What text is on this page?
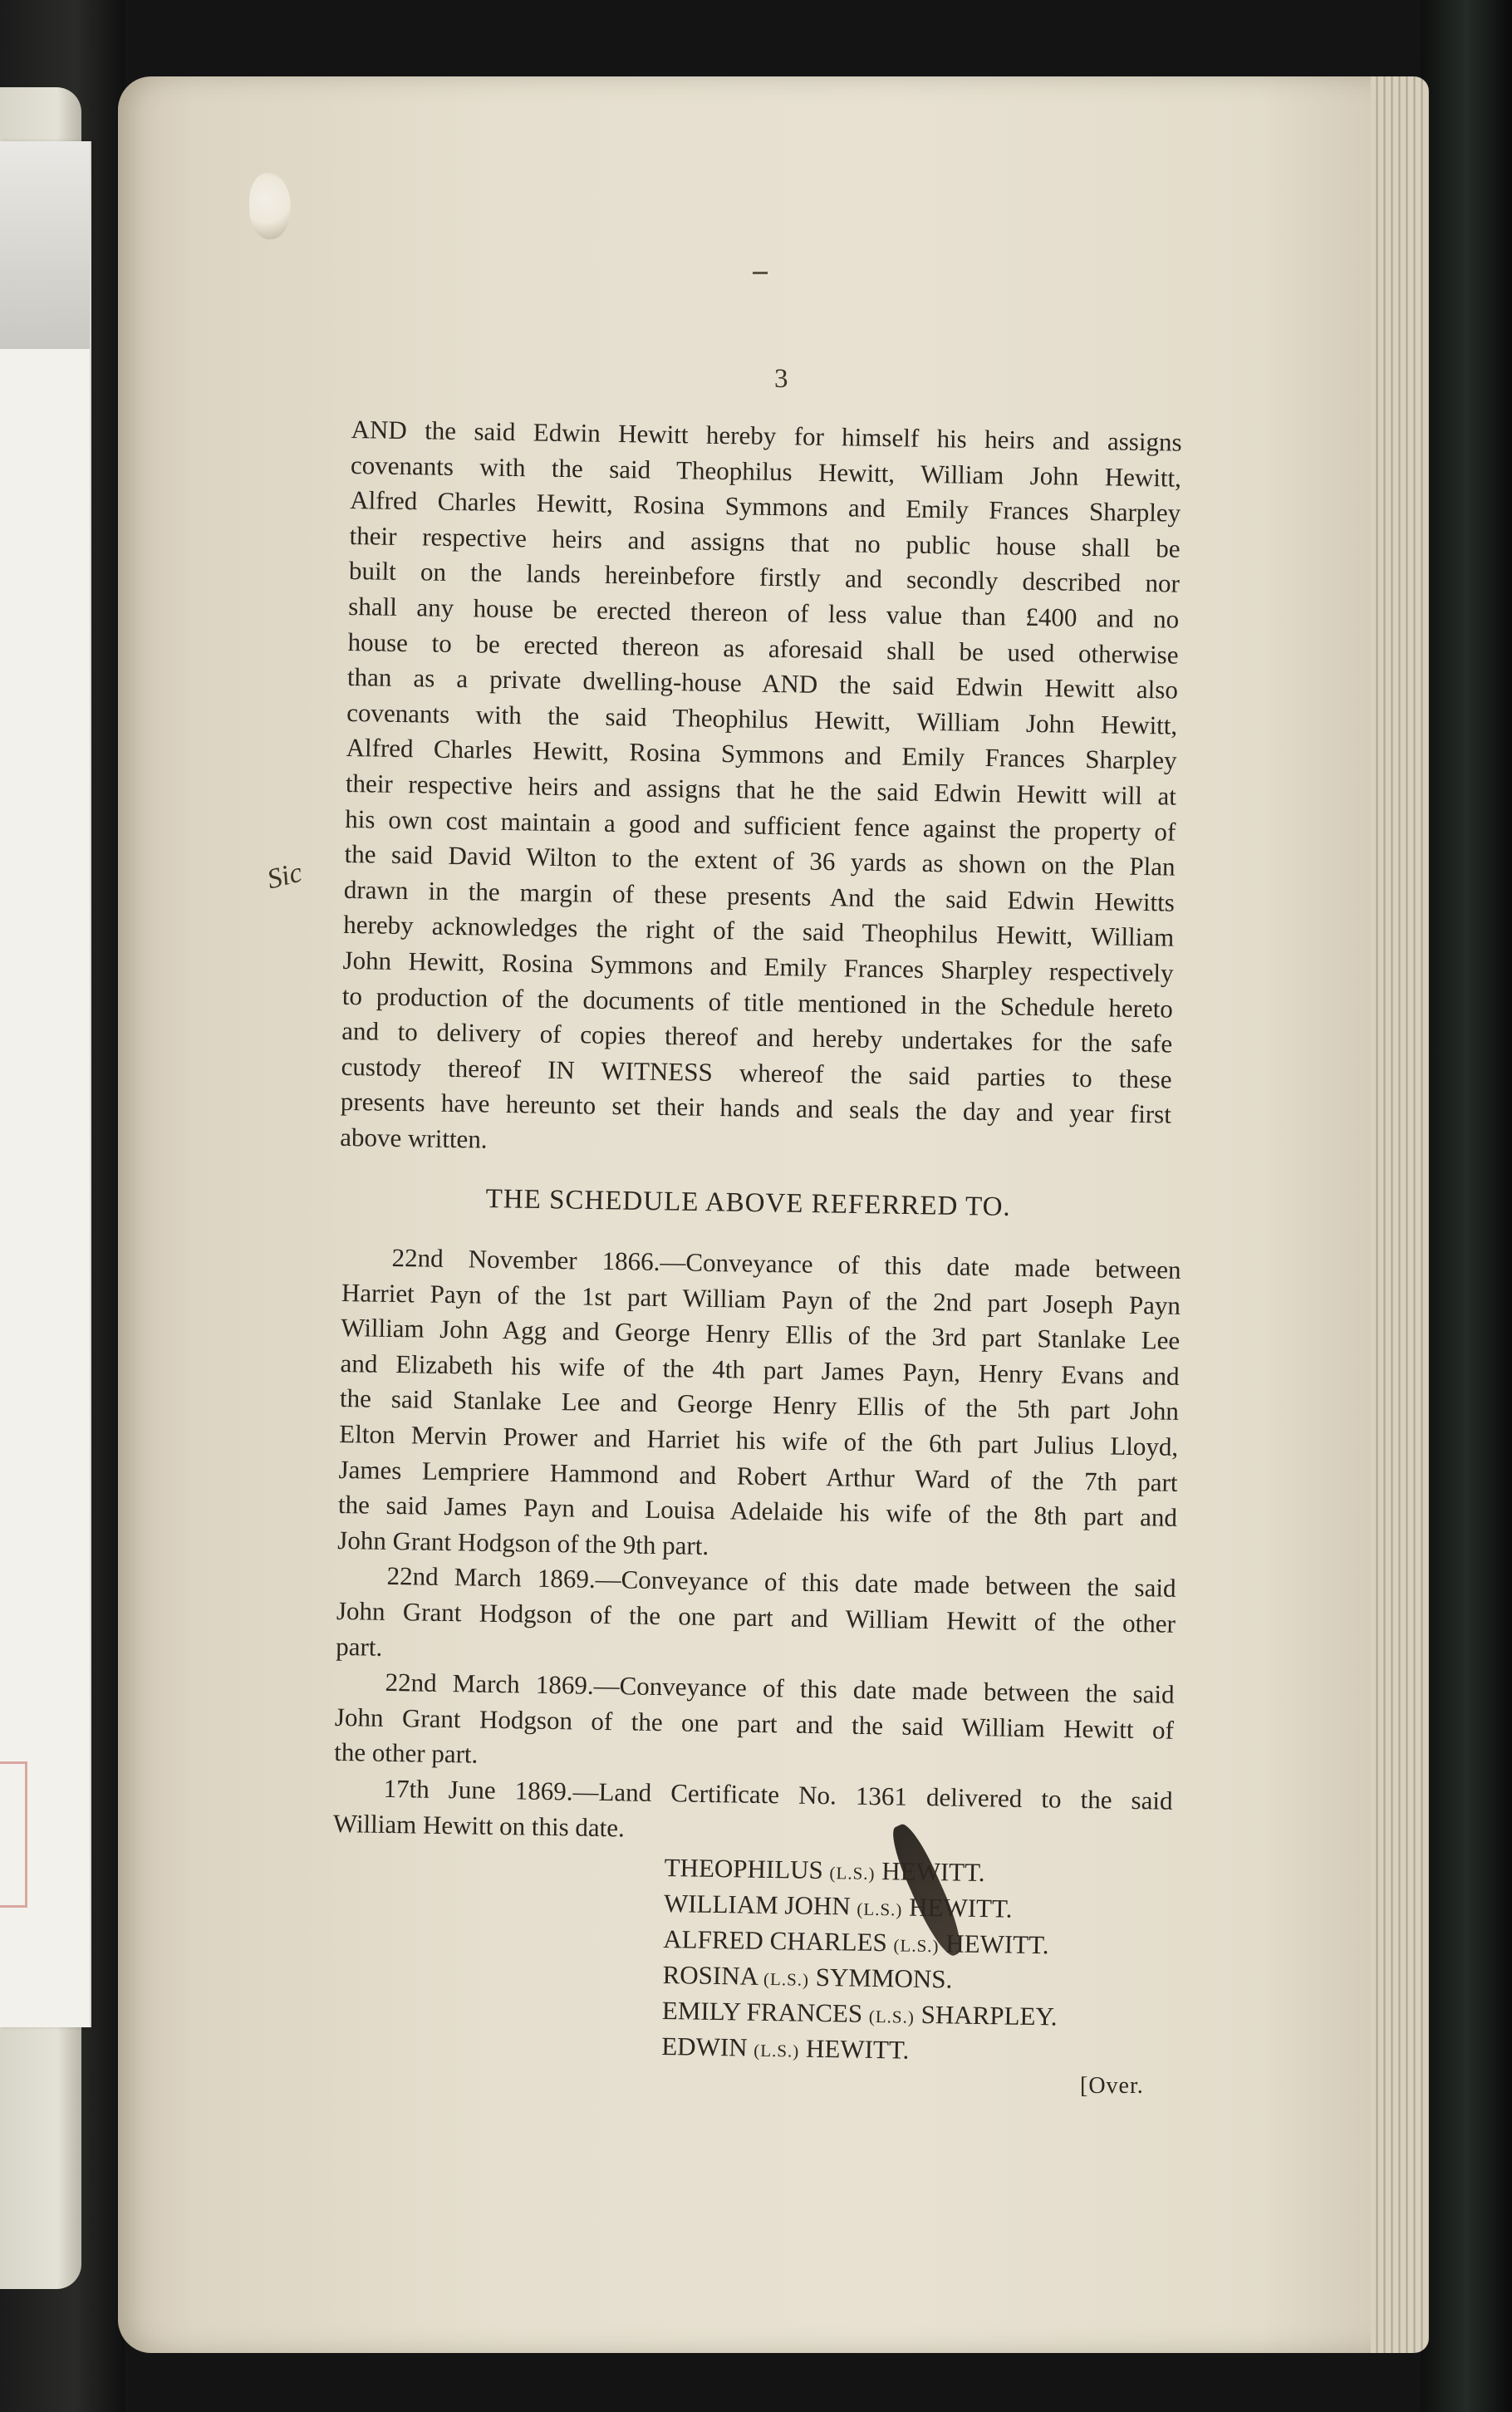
3
Sic
AND the said Edwin Hewitt hereby for himself his heirs and assigns
covenants with the said Theophilus Hewitt, William John Hewitt,
Alfred Charles Hewitt, Rosina Symmons and Emily Frances Sharpley
their respective heirs and assigns that no public house shall be
built on the lands hereinbefore firstly and secondly described nor
shall any house be erected thereon of less value than £400 and no
house to be erected thereon as aforesaid shall be used otherwise
than as a private dwelling-house AND the said Edwin Hewitt also
covenants with the said Theophilus Hewitt, William John Hewitt,
Alfred Charles Hewitt, Rosina Symmons and Emily Frances Sharpley
their respective heirs and assigns that he the said Edwin Hewitt will at
his own cost maintain a good and sufficient fence against the property of
the said David Wilton to the extent of 36 yards as shown on the Plan
drawn in the margin of these presents And the said Edwin Hewitts
hereby acknowledges the right of the said Theophilus Hewitt, William
John Hewitt, Rosina Symmons and Emily Frances Sharpley respectively
to production of the documents of title mentioned in the Schedule hereto
and to delivery of copies thereof and hereby undertakes for the safe
custody thereof IN WITNESS whereof the said parties to these
presents have hereunto set their hands and seals the day and year first
above written.
THE SCHEDULE ABOVE REFERRED TO.
22nd November 1866.—Conveyance of this date made between
Harriet Payn of the 1st part William Payn of the 2nd part Joseph Payn
William John Agg and George Henry Ellis of the 3rd part Stanlake Lee
and Elizabeth his wife of the 4th part James Payn, Henry Evans and
the said Stanlake Lee and George Henry Ellis of the 5th part John
Elton Mervin Prower and Harriet his wife of the 6th part Julius Lloyd,
James Lempriere Hammond and Robert Arthur Ward of the 7th part
the said James Payn and Louisa Adelaide his wife of the 8th part and
John Grant Hodgson of the 9th part.
22nd March 1869.—Conveyance of this date made between the said
John Grant Hodgson of the one part and William Hewitt of the other
part.
22nd March 1869.—Conveyance of this date made between the said
John Grant Hodgson of the one part and the said William Hewitt of
the other part.
17th June 1869.—Land Certificate No. 1361 delivered to the said
William Hewitt on this date.
THEOPHILUS (L.S.) HEWITT.
WILLIAM JOHN (L.S.) HEWITT.
ALFRED CHARLES (L.S.) HEWITT.
ROSINA (L.S.) SYMMONS.
EMILY FRANCES (L.S.) SHARPLEY.
EDWIN (L.S.) HEWITT.
[Over.
